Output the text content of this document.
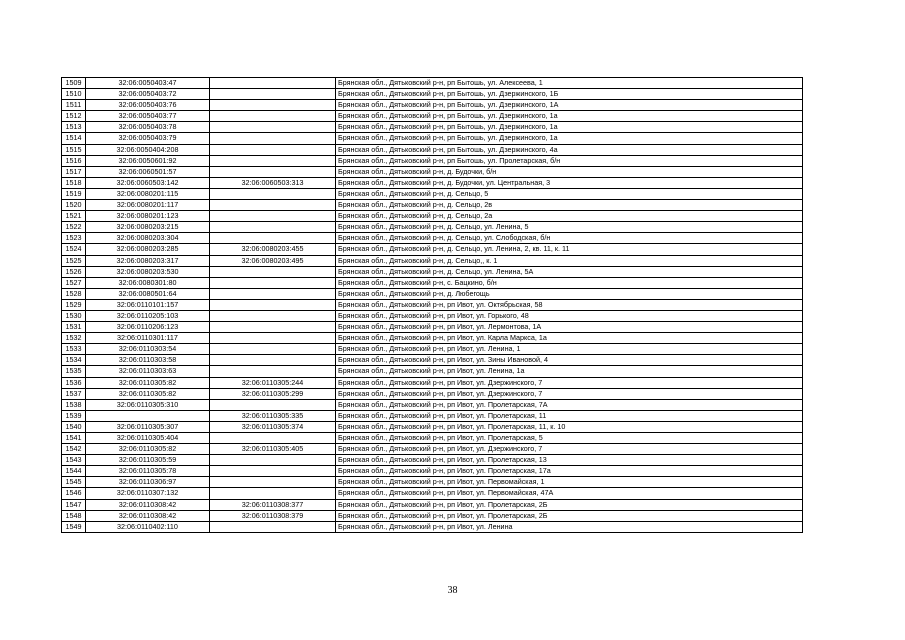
1509	32:06:0050403:47		Брянская обл., Дятьковский р-н, рп Бытошь, ул. Алексеева, 1
1510	32:06:0050403:72		Брянская обл., Дятьковский р-н, рп Бытошь, ул. Дзержинского, 1Б
1511	32:06:0050403:76		Брянская обл., Дятьковский р-н, рп Бытошь, ул. Дзержинского, 1А
1512	32:06:0050403:77		Брянская обл., Дятьковский р-н, рп Бытошь, ул. Дзержинского, 1а
1513	32:06:0050403:78		Брянская обл., Дятьковский р-н, рп Бытошь, ул. Дзержинского, 1а
1514	32:06:0050403:79		Брянская обл., Дятьковский р-н, рп Бытошь, ул. Дзержинского, 1а
1515	32:06:0050404:208		Брянская обл., Дятьковский р-н, рп Бытошь, ул. Дзержинского, 4а
1516	32:06:0050601:92		Брянская обл., Дятьковский р-н, рп Бытошь, ул. Пролетарская, б/н
1517	32:06:0060501:57		Брянская обл., Дятьковский р-н, д. Будочки, б/н
1518	32:06:0060503:142	32:06:0060503:313	Брянская обл., Дятьковский р-н, д. Будочки, ул. Центральная, 3
1519	32:06:0080201:115		Брянская обл., Дятьковский р-н, д. Сельцо, 5
1520	32:06:0080201:117		Брянская обл., Дятьковский р-н, д. Сельцо, 2в
1521	32:06:0080201:123		Брянская обл., Дятьковский р-н, д. Сельцо, 2а
1522	32:06:0080203:215		Брянская обл., Дятьковский р-н, д. Сельцо, ул. Ленина, 5
1523	32:06:0080203:304		Брянская обл., Дятьковский р-н, д. Сельцо, ул. Слободская, б/н
1524	32:06:0080203:285	32:06:0080203:455	Брянская обл., Дятьковский р-н, д. Сельцо, ул. Ленина, 2, кв. 11, к. 11
1525	32:06:0080203:317	32:06:0080203:495	Брянская обл., Дятьковский р-н, д. Сельцо,, к. 1
1526	32:06:0080203:530		Брянская обл., Дятьковский р-н, д. Сельцо, ул. Ленина, 5А
1527	32:06:0080301:80		Брянская обл., Дятьковский р-н, с. Бацкино, б/н
1528	32:06:0080501:64		Брянская обл., Дятьковский р-н, д. Любегощь
1529	32:06:0110101:157		Брянская обл., Дятьковский р-н, рп Ивот, ул. Октябрьская, 58
1530	32:06:0110205:103		Брянская обл., Дятьковский р-н, рп Ивот, ул. Горького, 48
1531	32:06:0110206:123		Брянская обл., Дятьковский р-н, рп Ивот, ул. Лермонтова, 1А
1532	32:06:0110301:117		Брянская обл., Дятьковский р-н, рп Ивот, ул. Карла Маркса, 1а
1533	32:06:0110303:54		Брянская обл., Дятьковский р-н, рп Ивот, ул. Ленина, 1
1534	32:06:0110303:58		Брянская обл., Дятьковский р-н, рп Ивот, ул. Зины Ивановой, 4
1535	32:06:0110303:63		Брянская обл., Дятьковский р-н, рп Ивот, ул. Ленина, 1а
1536	32:06:0110305:82	32:06:0110305:244	Брянская обл., Дятьковский р-н, рп Ивот, ул. Дзержинского, 7
1537	32:06:0110305:82	32:06:0110305:299	Брянская обл., Дятьковский р-н, рп Ивот, ул. Дзержинского, 7
1538	32:06:0110305:310		Брянская обл., Дятьковский р-н, рп Ивот, ул. Пролетарская, 7А
1539		32:06:0110305:335	Брянская обл., Дятьковский р-н, рп Ивот, ул. Пролетарская, 11
1540	32:06:0110305:307	32:06:0110305:374	Брянская обл., Дятьковский р-н, рп Ивот, ул. Пролетарская, 11, к. 10
1541	32:06:0110305:404		Брянская обл., Дятьковский р-н, рп Ивот, ул. Пролетарская, 5
1542	32:06:0110305:82	32:06:0110305:405	Брянская обл., Дятьковский р-н, рп Ивот, ул. Дзержинского, 7
1543	32:06:0110305:59		Брянская обл., Дятьковский р-н, рп Ивот, ул. Пролетарская, 13
1544	32:06:0110305:78		Брянская обл., Дятьковский р-н, рп Ивот, ул. Пролетарская, 17а
1545	32:06:0110306:97		Брянская обл., Дятьковский р-н, рп Ивот, ул. Первомайская, 1
1546	32:06:0110307:132		Брянская обл., Дятьковский р-н, рп Ивот, ул. Первомайская, 47А
1547	32:06:0110308:42	32:06:0110308:377	Брянская обл., Дятьковский р-н, рп Ивот, ул. Пролетарская, 2Б
1548	32:06:0110308:42	32:06:0110308:379	Брянская обл., Дятьковский р-н, рп Ивот, ул. Пролетарская, 2Б
1549	32:06:0110402:110		Брянская обл., Дятьковский р-н, рп Ивот, ул. Ленина
38
